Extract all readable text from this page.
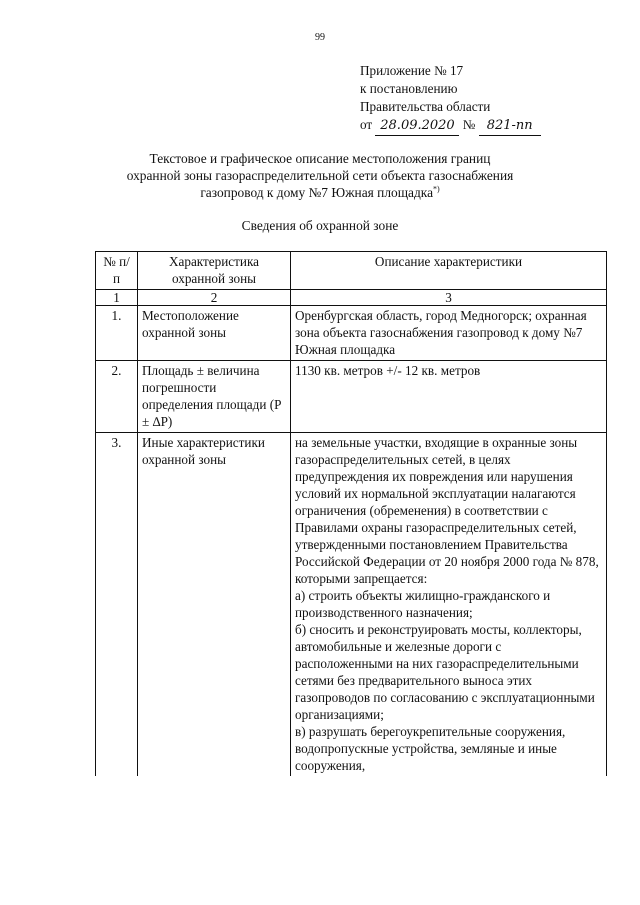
99
Приложение № 17
к постановлению
Правительства области
от 28.09.2020 № 821-пп
Текстовое и графическое описание местоположения границ
охранной зоны газораспределительной сети объекта газоснабжения
газопровод к дому №7 Южная площадка*)
Сведения об охранной зоне
№ п/п	Характеристика охранной зоны	Описание характеристики
1	2	3
1.	Местоположение охранной зоны	Оренбургская область, город Медногорск; охранная зона объекта газоснабжения газопровод к дому №7 Южная площадка

2.	Площадь ± величина погрешности определения площади (Р ± ∆Р)	1130 кв. метров +/- 12 кв. метров

3.	Иные характеристики охранной зоны	на земельные участки, входящие в охранные зоны газораспределительных сетей, в целях предупреждения их повреждения или нарушения условий их нормальной эксплуатации налагаются ограничения (обременения) в соответствии с Правилами охраны газораспределительных сетей, утвержденными постановлением Правительства Российской Федерации от 20 ноября 2000 года № 878, которыми запрещается:
а) строить объекты жилищно-гражданского и производственного назначения;
б) сносить и реконструировать мосты, коллекторы, автомобильные и железные дороги с расположенными на них газораспределительными сетями без предварительного выноса этих газопроводов по согласованию с эксплуатационными организациями;
в) разрушать берегоукрепительные сооружения, водопропускные устройства, земляные и иные сооружения,
